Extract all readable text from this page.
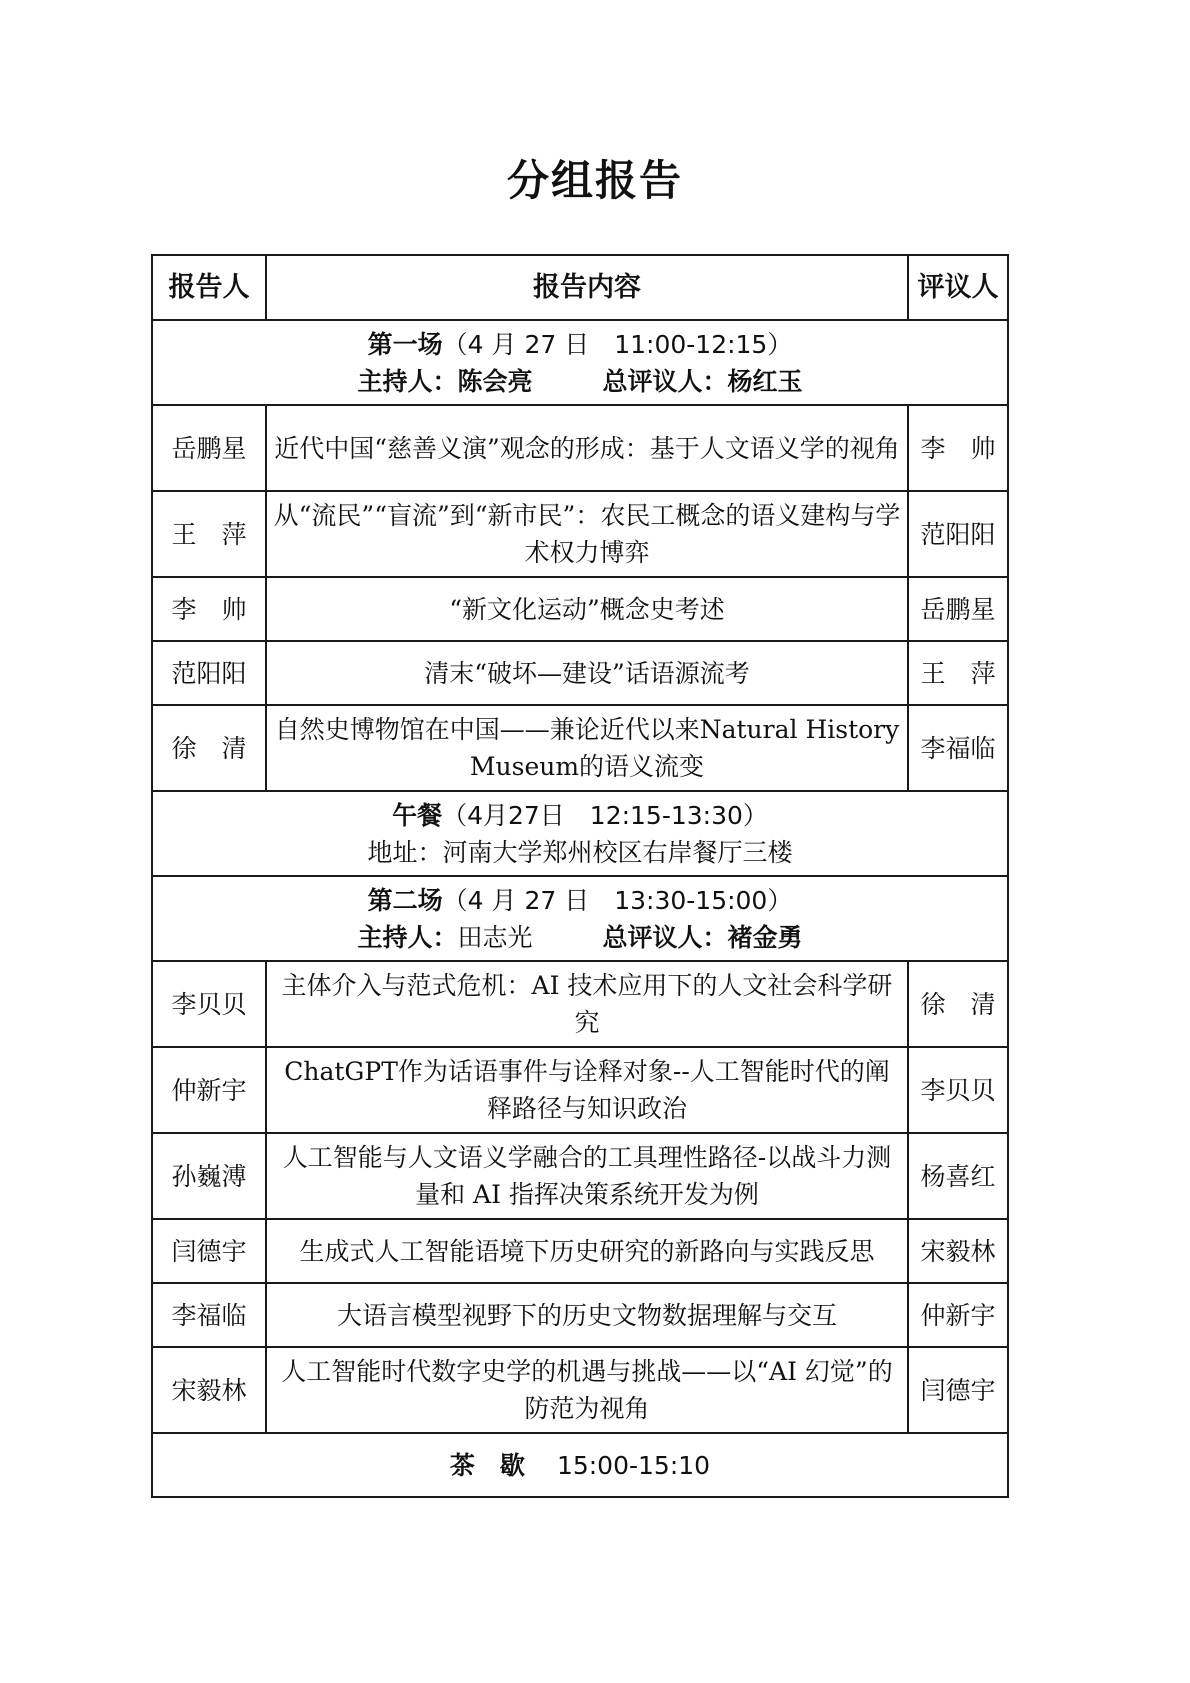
分组报告
报告人	报告内容	评议人

第一场（4 月 27 日　11:00-12:15）
主持人：陈会亮 总评议人：杨红玉		

岳鹏星	近代中国“慈善义演”观念的形成：基于人文语义学的视角	李　帅
王　萍	从“流民”“盲流”到“新市民”：农民工概念的语义建构与学术权力博弈	范阳阳
李　帅	“新文化运动”概念史考述	岳鹏星
范阳阳	清末“破坏—建设”话语源流考	王　萍
徐　清	自然史博物馆在中国——兼论近代以来Natural History Museum的语义流变	李福临

午餐（4月27日　12:15-13:30）
地址：河南大学郑州校区右岸餐厅三楼		

第二场（4 月 27 日　13:30-15:00）
主持人：田志光 总评议人：褚金勇		

李贝贝	主体介入与范式危机：AI 技术应用下的人文社会科学研究	徐　清
仲新宇	ChatGPT作为话语事件与诠释对象--人工智能时代的阐释路径与知识政治	李贝贝
孙巍溥	人工智能与人文语义学融合的工具理性路径-以战斗力测量和 AI 指挥决策系统开发为例	杨喜红
闫德宇	生成式人工智能语境下历史研究的新路向与实践反思	宋毅林
李福临	大语言模型视野下的历史文物数据理解与交互	仲新宇
宋毅林	人工智能时代数字史学的机遇与挑战——以“AI 幻觉”的防范为视角	闫德宇
茶　歇 15:00-15:10		
